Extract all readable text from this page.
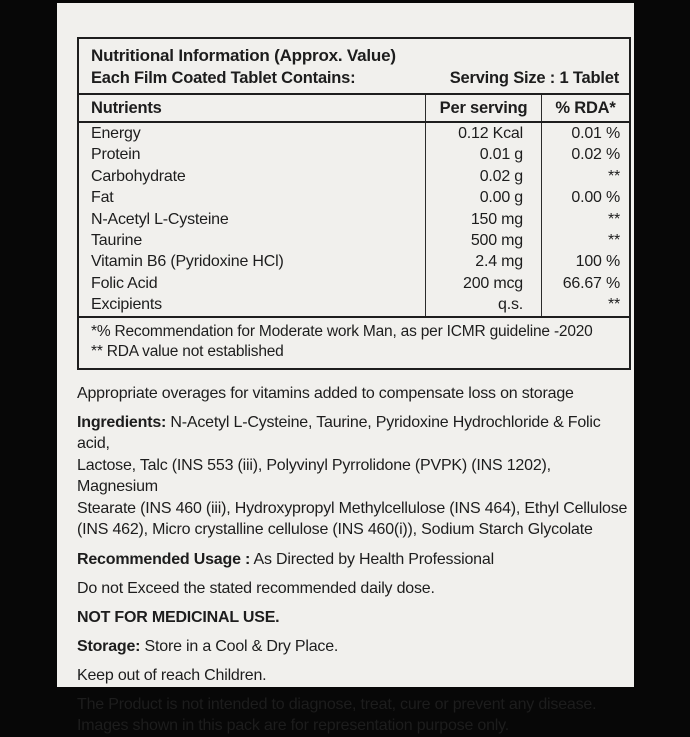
Nutritional Information (Approx. Value)
Each Film Coated Tablet Contains:	Serving Size : 1 Tablet
Nutrients	Per serving	% RDA*
Energy	0.12 Kcal	0.01 %
Protein	0.01 g	0.02 %
Carbohydrate	0.02 g	**
Fat	0.00 g	0.00 %
N-Acetyl L-Cysteine	150 mg	**
Taurine	500 mg	**
Vitamin B6 (Pyridoxine HCl)	2.4 mg	100 %
Folic Acid	200 mcg	66.67 %
Excipients	q.s.	**
*% Recommendation for Moderate work Man, as per ICMR guideline -2020
** RDA value not established

Appropriate overages for vitamins added to compensate loss on storage

Ingredients: N-Acetyl L-Cysteine, Taurine, Pyridoxine Hydrochloride & Folic acid,
Lactose, Talc (INS 553 (iii), Polyvinyl Pyrrolidone (PVPK) (INS 1202), Magnesium
Stearate (INS 460 (iii), Hydroxypropyl Methylcellulose (INS 464), Ethyl Cellulose
(INS 462), Micro crystalline cellulose (INS 460(i)), Sodium Starch Glycolate

Recommended Usage : As Directed by Health Professional

Do not Exceed the stated recommended daily dose.

NOT FOR MEDICINAL USE.

Storage: Store in a Cool & Dry Place.

Keep out of reach Children.

The Product is not intended to diagnose, treat, cure or prevent any disease.
Images shown in this pack are for representation purpose only.
